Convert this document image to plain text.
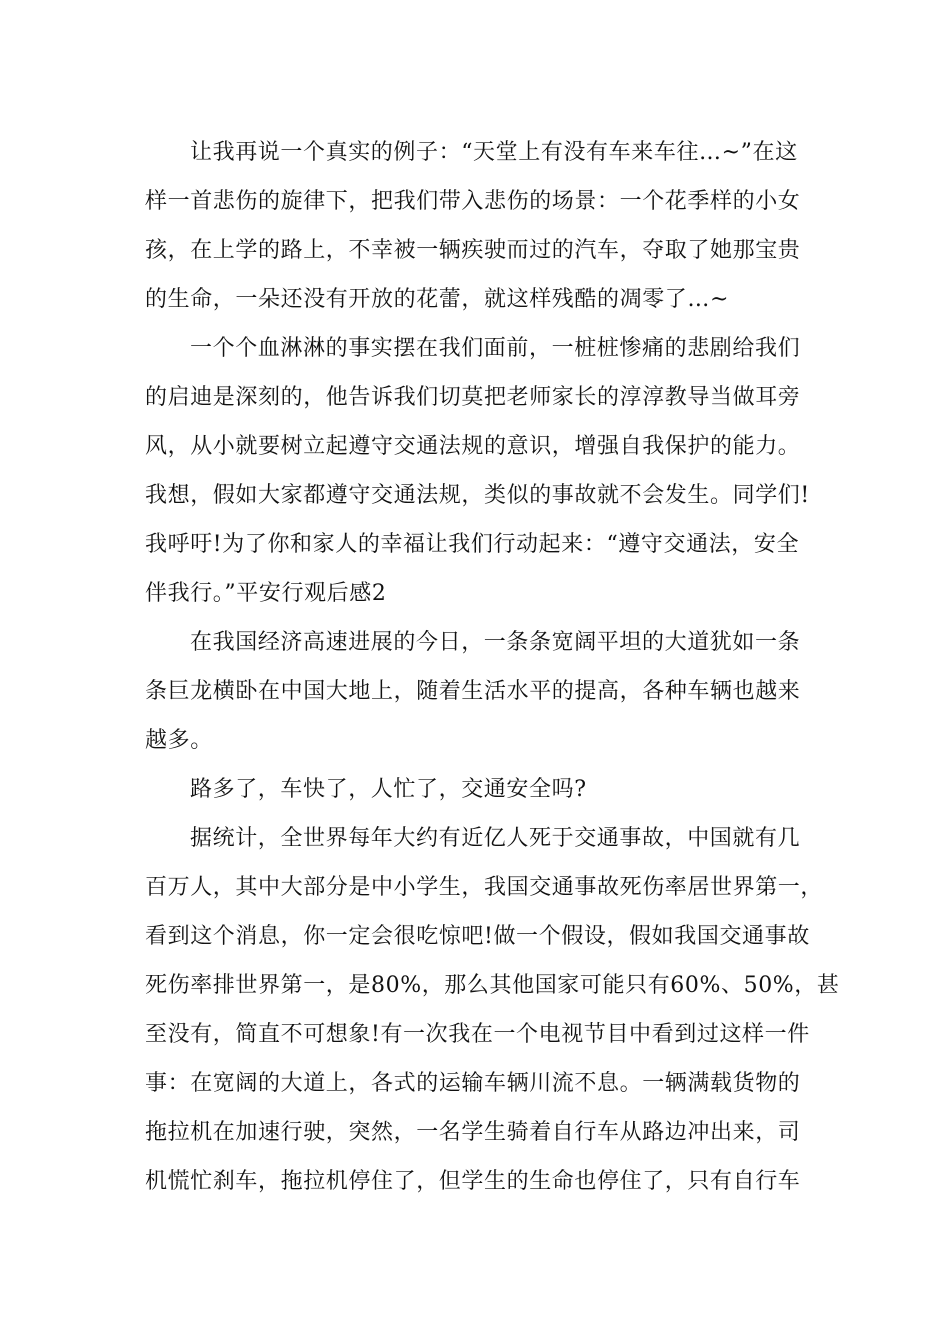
让我再说一个真实的例子：“天堂上有没有车来车往…~”在这
样一首悲伤的旋律下，把我们带入悲伤的场景：一个花季样的小女
孩，在上学的路上，不幸被一辆疾驶而过的汽车，夺取了她那宝贵
的生命，一朵还没有开放的花蕾，就这样残酷的凋零了…~
一个个血淋淋的事实摆在我们面前，一桩桩惨痛的悲剧给我们
的启迪是深刻的，他告诉我们切莫把老师家长的淳淳教导当做耳旁
风，从小就要树立起遵守交通法规的意识，增强自我保护的能力。
我想，假如大家都遵守交通法规，类似的事故就不会发生。同学们!
我呼吁!为了你和家人的幸福让我们行动起来：“遵守交通法，安全
伴我行。”平安行观后感2
在我国经济高速进展的今日，一条条宽阔平坦的大道犹如一条
条巨龙横卧在中国大地上，随着生活水平的提高，各种车辆也越来
越多。
路多了，车快了，人忙了，交通安全吗?
据统计，全世界每年大约有近亿人死于交通事故，中国就有几
百万人，其中大部分是中小学生，我国交通事故死伤率居世界第一，
看到这个消息，你一定会很吃惊吧!做一个假设，假如我国交通事故
死伤率排世界第一，是80%，那么其他国家可能只有60%、50%，甚
至没有，简直不可想象!有一次我在一个电视节目中看到过这样一件
事：在宽阔的大道上，各式的运输车辆川流不息。一辆满载货物的
拖拉机在加速行驶，突然，一名学生骑着自行车从路边冲出来，司
机慌忙刹车，拖拉机停住了，但学生的生命也停住了，只有自行车
